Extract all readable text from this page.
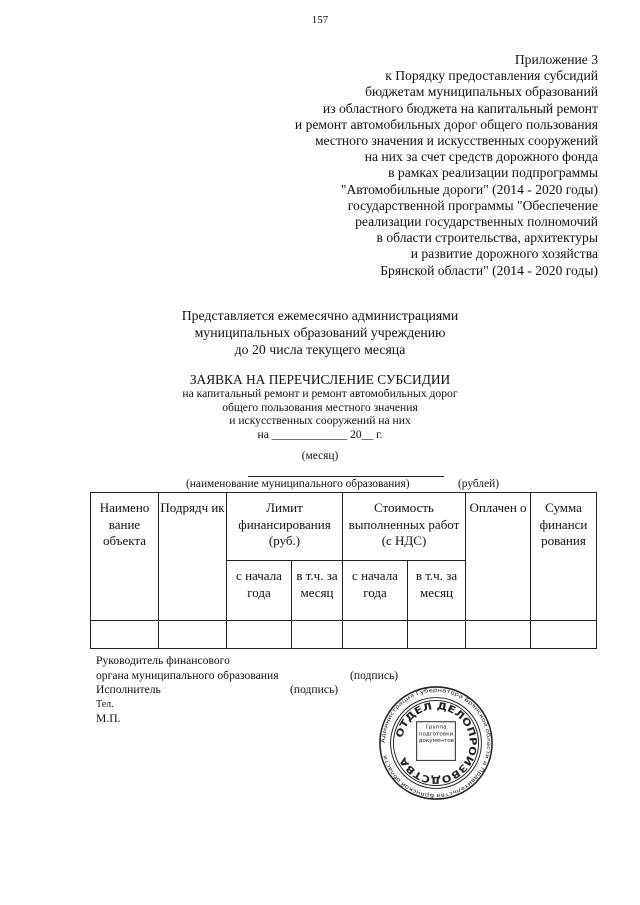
157
Приложение 3
к Порядку предоставления субсидий
бюджетам муниципальных образований
из областного бюджета на капитальный ремонт
и ремонт автомобильных дорог общего пользования
местного значения и искусственных сооружений
на них за счет средств дорожного фонда
в рамках реализации подпрограммы
"Автомобильные дороги" (2014 - 2020 годы)
государственной программы "Обеспечение
реализации государственных полномочий
в области строительства, архитектуры
и развитие дорожного хозяйства
Брянской области" (2014 - 2020 годы)
Представляется ежемесячно администрациями
муниципальных образований учреждению
до 20 числа текущего месяца
ЗАЯВКА НА ПЕРЕЧИСЛЕНИЕ СУБСИДИИ
на капитальный ремонт и ремонт автомобильных дорог
общего пользования местного значения
и искусственных сооружений на них
на _____________ 20__ г.
(месяц)
(наименование муниципального образования)	(рублей)
Наимено вание объекта	Подрядч ик	Лимит финансирования (руб.)		Стоимость выполненных работ (с НДС)		Оплачен о	Сумма финанси рования

		с начала года	в т.ч. за месяц	с начала года	в т.ч. за месяц		

Руководитель финансового
органа муниципального образования	(подпись)
Исполнитель	(подпись)
Тел.
М.П.
Администрация Губернатора Брянской области и Правительства Брянской области
ОТДЕЛ ДЕЛОПРОИЗВОДСТВА
Группа подготовки документов
